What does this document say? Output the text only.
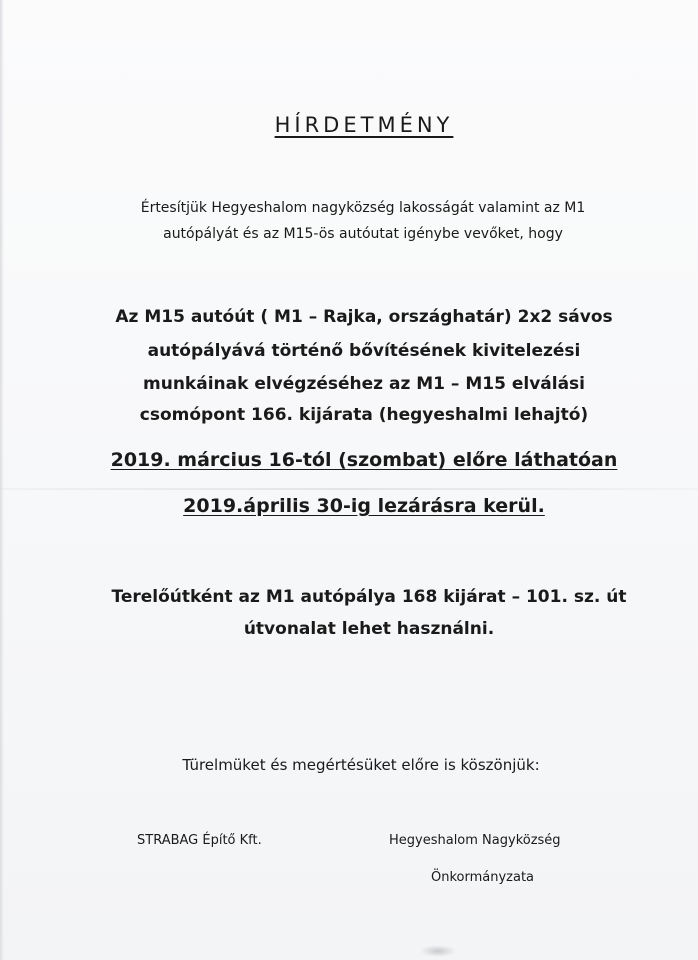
HÍRDETMÉNY
Értesítjük Hegyeshalom nagyközség lakosságát valamint az M1
autópályát és az M15-ös autóutat igénybe vevőket, hogy
Az M15 autóút ( M1 – Rajka, országhatár) 2x2 sávos
autópályává történő bővítésének kivitelezési
munkáinak elvégzéséhez az M1 – M15 elválási
csomópont 166. kijárata (hegyeshalmi lehajtó)
2019. március 16-tól (szombat) előre láthatóan
2019.április 30-ig lezárásra kerül.
Terelőútként az M1 autópálya 168 kijárat – 101. sz. út
útvonalat lehet használni.
Türelmüket és megértésüket előre is köszönjük:
STRABAG Építő Kft.	Hegyeshalom Nagyközség
Önkormányzata
